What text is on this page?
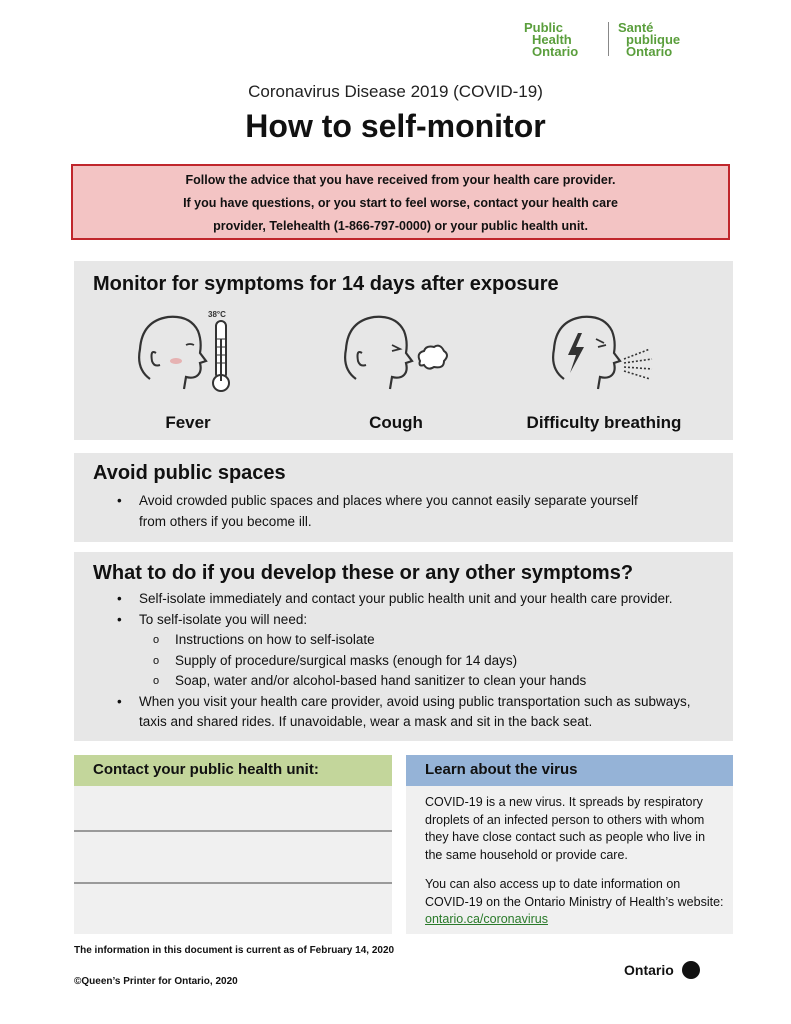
Public
Health
Ontario
Santé
publique
Ontario
Coronavirus Disease 2019 (COVID-19)
How to self-monitor
Follow the advice that you have received from your health care provider.
If you have questions, or you start to feel worse, contact your health care
provider, Telehealth (1-866-797-0000) or your public health unit.
Monitor for symptoms for 14 days after exposure
38°C
Fever	Cough	Difficulty breathing
Avoid public spaces
• Avoid crowded public spaces and places where you cannot easily separate yourself from others if you become ill.
What to do if you develop these or any other symptoms?
• Self-isolate immediately and contact your public health unit and your health care provider.
• To self-isolate you will need:
o Instructions on how to self-isolate
o Supply of procedure/surgical masks (enough for 14 days)
o Soap, water and/or alcohol-based hand sanitizer to clean your hands
• When you visit your health care provider, avoid using public transportation such as subways, taxis and shared rides. If unavoidable, wear a mask and sit in the back seat.
Contact your public health unit:	Learn about the virus

COVID-19 is a new virus. It spreads by respiratory droplets of an infected person to others with whom they have close contact such as people who live in the same household or provide care.

You can also access up to date information on COVID-19 on the Ontario Ministry of Health’s website: ontario.ca/coronavirus

The information in this document is current as of February 14, 2020
©Queen’s Printer for Ontario, 2020
Ontario
